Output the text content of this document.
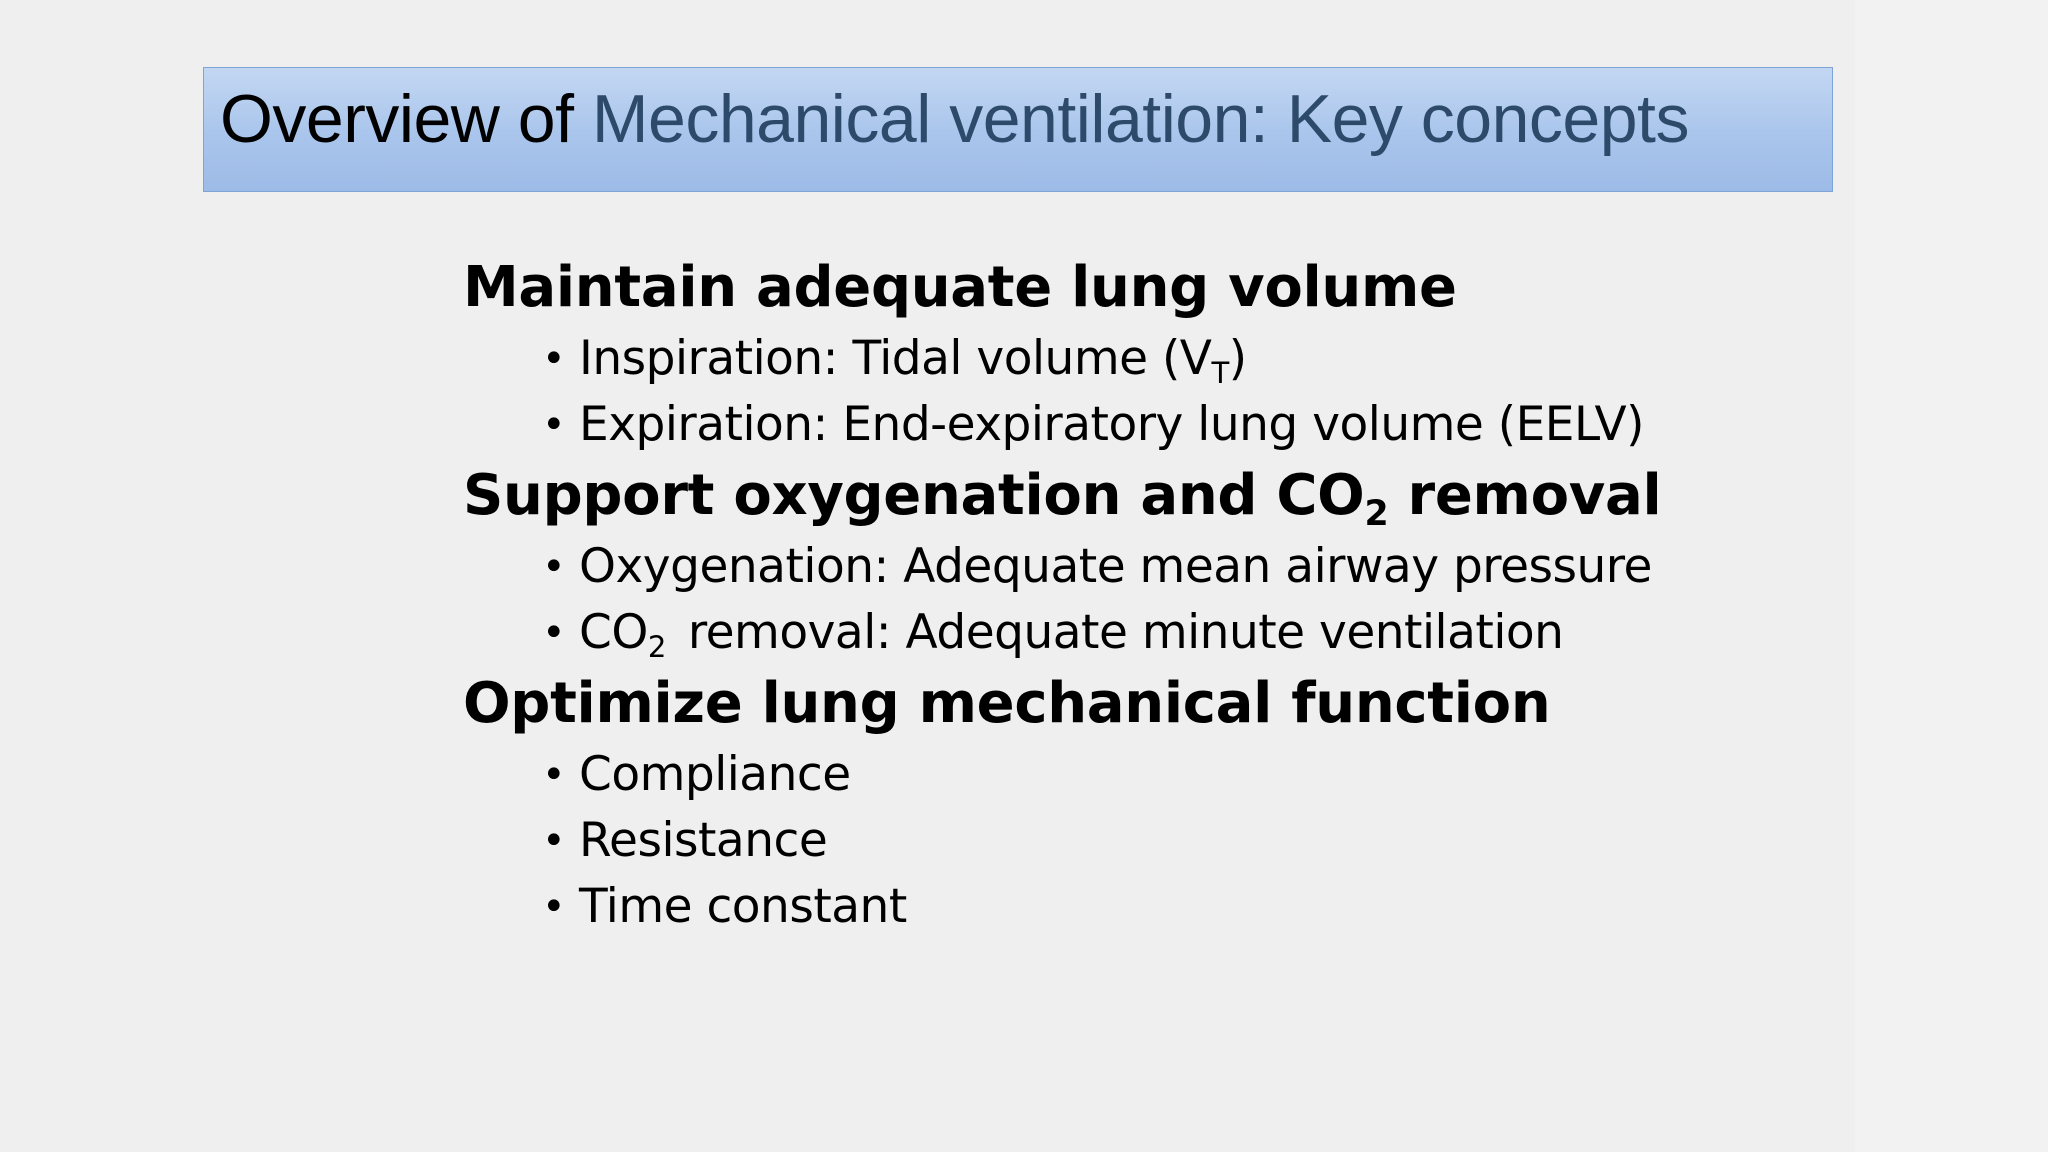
Overview of Mechanical ventilation: Key concepts
Maintain adequate lung volume
• Inspiration: Tidal volume (VT)
• Expiration: End-expiratory lung volume (EELV)
Support oxygenation and CO2 removal
• Oxygenation: Adequate mean airway pressure
• CO2 removal: Adequate minute ventilation
Optimize lung mechanical function
• Compliance
• Resistance
• Time constant
